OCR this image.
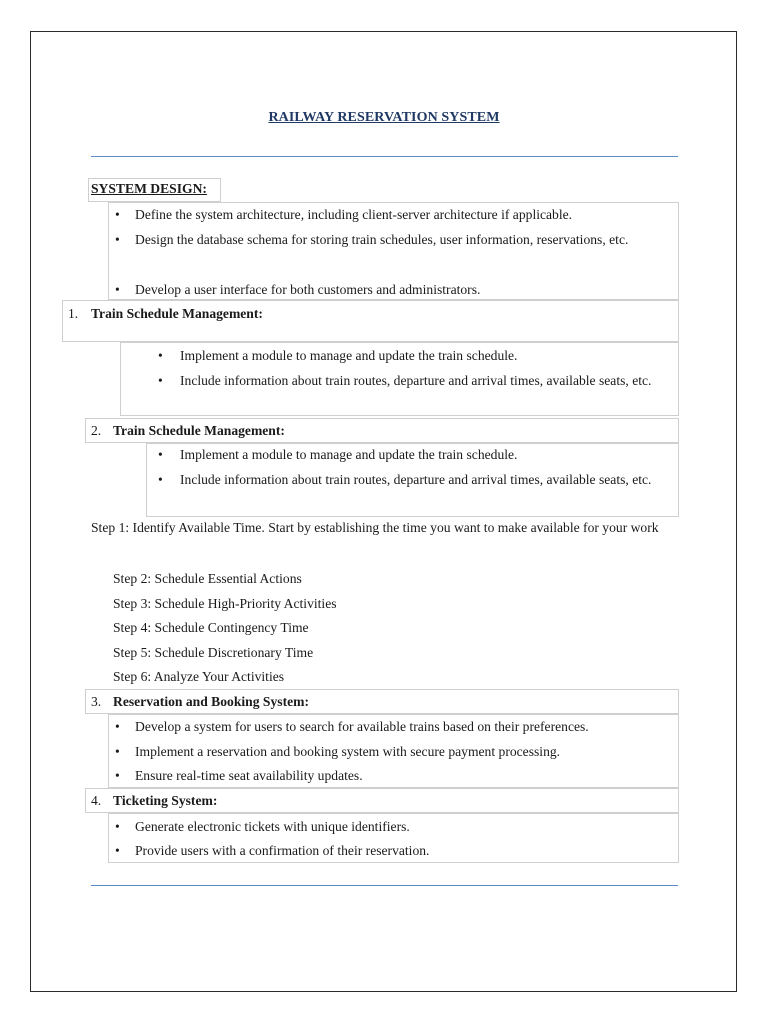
RAILWAY RESERVATION SYSTEM
SYSTEM DESIGN:
• Define the system architecture, including client-server architecture if applicable.
• Design the database schema for storing train schedules, user information, reservations, etc.
• Develop a user interface for both customers and administrators.
1. Train Schedule Management:
• Implement a module to manage and update the train schedule.
• Include information about train routes, departure and arrival times, available seats, etc.
2. Train Schedule Management:
• Implement a module to manage and update the train schedule.
• Include information about train routes, departure and arrival times, available seats, etc.
Step 1: Identify Available Time. Start by establishing the time you want to make available for your work
Step 2: Schedule Essential Actions
Step 3: Schedule High-Priority Activities
Step 4: Schedule Contingency Time
Step 5: Schedule Discretionary Time
Step 6: Analyze Your Activities
3. Reservation and Booking System:
• Develop a system for users to search for available trains based on their preferences.
• Implement a reservation and booking system with secure payment processing.
• Ensure real-time seat availability updates.
4. Ticketing System:
• Generate electronic tickets with unique identifiers.
• Provide users with a confirmation of their reservation.
